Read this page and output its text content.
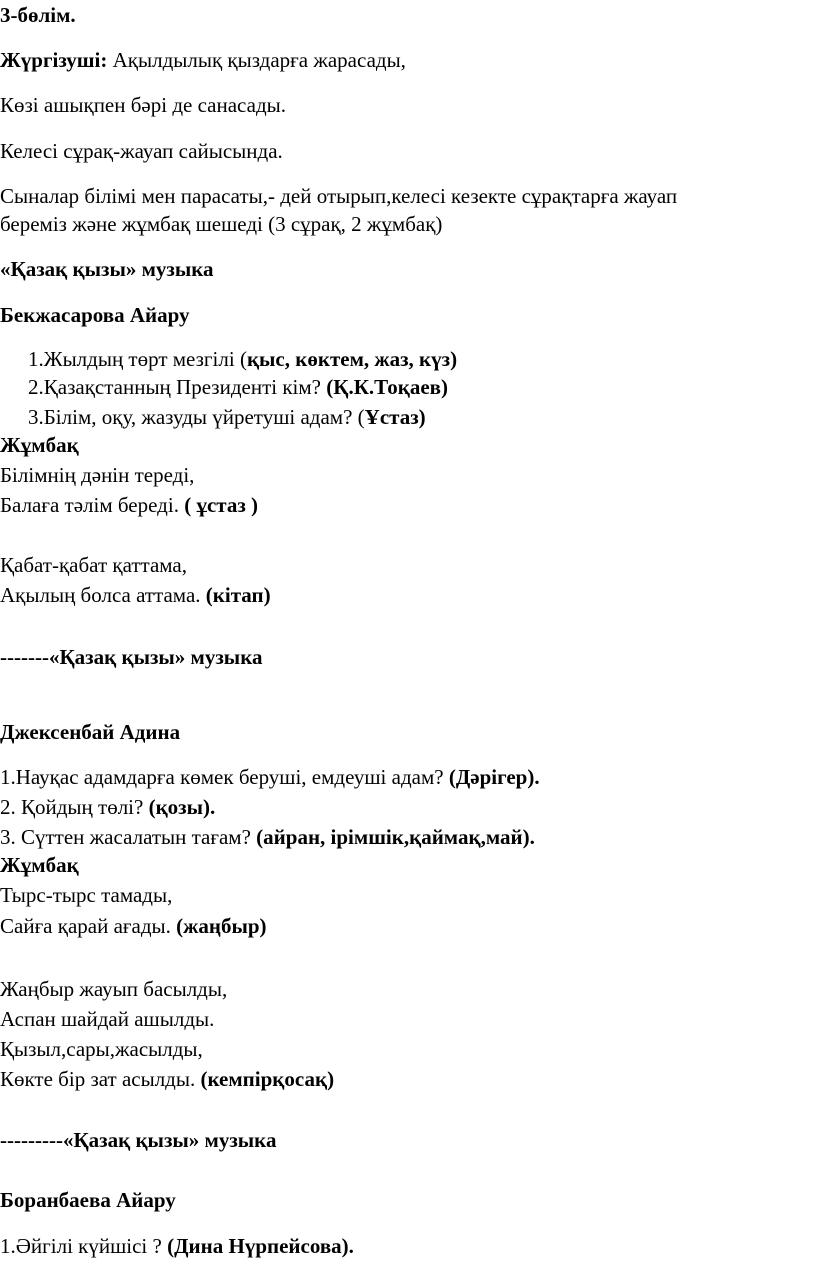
3-бөлім.
Жүргізуші: Ақылдылық қыздарға жарасады,
Көзі ашықпен бәрі де санасады.
Келесі сұрақ-жауап сайысында.
Сыналар білімі мен парасаты,- дей отырып,келесі кезекте сұрақтарға жауап
береміз және жұмбақ шешеді (3 сұрақ, 2 жұмбақ)
«Қазақ қызы» музыка
Бекжасарова Айару
1.Жылдың төрт мезгілі (қыс, көктем, жаз, күз)
2.Қазақстанның Президенті кім? (Қ.К.Тоқаев)
3.Білім, оқу, жазуды үйретуші адам? (Ұстаз)
Жұмбақ
Білімнің дәнін тереді,
Балаға тәлім береді. ( ұстаз )
Қабат-қабат қаттама,
Ақылың болса аттама. (кітап)
-------«Қазақ қызы» музыка
Джексенбай Адина
1.Науқас адамдарға көмек беруші, емдеуші адам? (Дәрігер).
2. Қойдың төлі? (қозы).
3. Сүттен жасалатын тағам? (айран, ірімшік,қаймақ,май).
Жұмбақ
Тырс-тырс тамады,
Сайға қарай ағады. (жаңбыр)
Жаңбыр жауып басылды,
Аспан шайдай ашылды.
Қызыл,сары,жасылды,
Көкте бір зат асылды. (кемпірқосақ)
---------«Қазақ қызы» музыка
Боранбаева Айару
1.Әйгілі күйшісі ? (Дина Нүрпейсова).
